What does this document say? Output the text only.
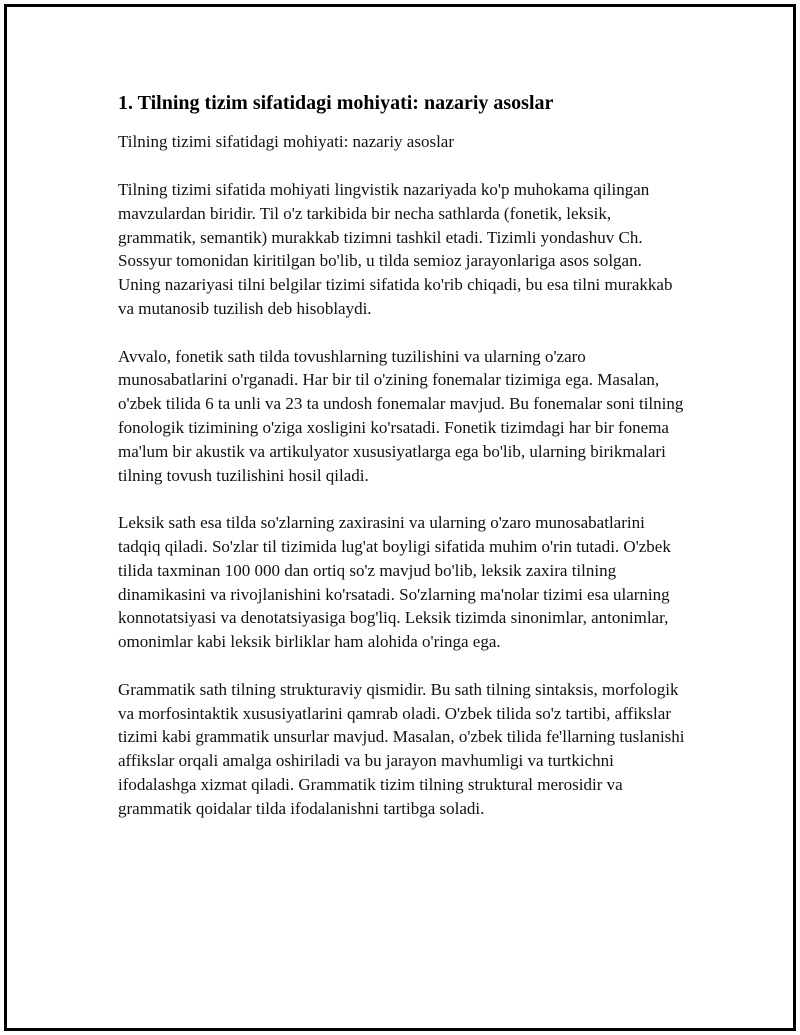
1. Tilning tizim sifatidagi mohiyati: nazariy asoslar

Tilning tizimi sifatidagi mohiyati: nazariy asoslar

Tilning tizimi sifatida mohiyati lingvistik nazariyada ko'p muhokama qilingan mavzulardan biridir. Til o'z tarkibida bir necha sathlarda (fonetik, leksik, grammatik, semantik) murakkab tizimni tashkil etadi. Tizimli yondashuv Ch. Sossyur tomonidan kiritilgan bo'lib, u tilda semioz jarayonlariga asos solgan. Uning nazariyasi tilni belgilar tizimi sifatida ko'rib chiqadi, bu esa tilni murakkab va mutanosib tuzilish deb hisoblaydi.

Avvalo, fonetik sath tilda tovushlarning tuzilishini va ularning o'zaro munosabatlarini o'rganadi. Har bir til o'zining fonemalar tizimiga ega. Masalan, o'zbek tilida 6 ta unli va 23 ta undosh fonemalar mavjud. Bu fonemalar soni tilning fonologik tizimining o'ziga xosligini ko'rsatadi. Fonetik tizimdagi har bir fonema ma'lum bir akustik va artikulyator xususiyatlarga ega bo'lib, ularning birikmalari tilning tovush tuzilishini hosil qiladi.

Leksik sath esa tilda so'zlarning zaxirasini va ularning o'zaro munosabatlarini tadqiq qiladi. So'zlar til tizimida lug'at boyligi sifatida muhim o'rin tutadi. O'zbek tilida taxminan 100 000 dan ortiq so'z mavjud bo'lib, leksik zaxira tilning dinamikasini va rivojlanishini ko'rsatadi. So'zlarning ma'nolar tizimi esa ularning konnotatsiyasi va denotatsiyasiga bog'liq. Leksik tizimda sinonimlar, antonimlar, omonimlar kabi leksik birliklar ham alohida o'ringa ega.

Grammatik sath tilning strukturaviy qismidir. Bu sath tilning sintaksis, morfologik va morfosintaktik xususiyatlarini qamrab oladi. O'zbek tilida so'z tartibi, affikslar tizimi kabi grammatik unsurlar mavjud. Masalan, o'zbek tilida fe'llarning tuslanishi affikslar orqali amalga oshiriladi va bu jarayon mavhumligi va turtkichni ifodalashga xizmat qiladi. Grammatik tizim tilning struktural merosidir va grammatik qoidalar tilda ifodalanishni tartibga soladi.
